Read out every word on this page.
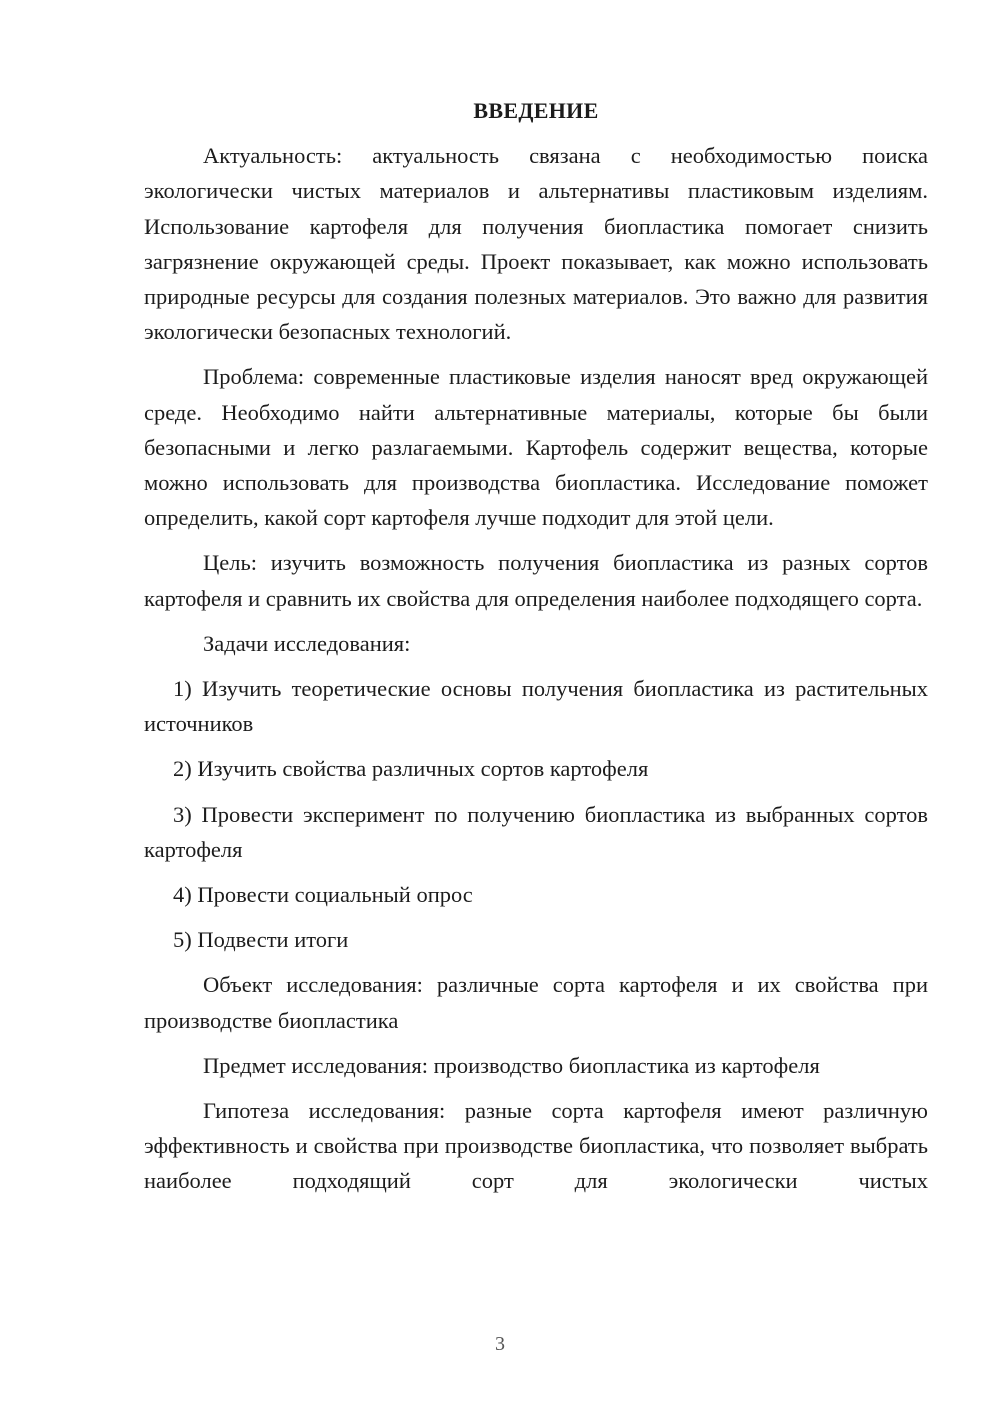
ВВЕДЕНИЕ
Актуальность: актуальность связана с необходимостью поиска экологически чистых материалов и альтернативы пластиковым изделиям. Использование картофеля для получения биопластика помогает снизить загрязнение окружающей среды. Проект показывает, как можно использовать природные ресурсы для создания полезных материалов. Это важно для развития экологически безопасных технологий.
Проблема: современные пластиковые изделия наносят вред окружающей среде. Необходимо найти альтернативные материалы, которые бы были безопасными и легко разлагаемыми. Картофель содержит вещества, которые можно использовать для производства биопластика. Исследование поможет определить, какой сорт картофеля лучше подходит для этой цели.
Цель: изучить возможность получения биопластика из разных сортов картофеля и сравнить их свойства для определения наиболее подходящего сорта.
Задачи исследования:
1) Изучить теоретические основы получения биопластика из растительных источников
2) Изучить свойства различных сортов картофеля
3) Провести эксперимент по получению биопластика из выбранных сортов картофеля
4) Провести социальный опрос
5) Подвести итоги
Объект исследования: различные сорта картофеля и их свойства при производстве биопластика
Предмет исследования: производство биопластика из картофеля
Гипотеза исследования: разные сорта картофеля имеют различную эффективность и свойства при производстве биопластика, что позволяет выбрать наиболее подходящий сорт для экологически чистых
3
